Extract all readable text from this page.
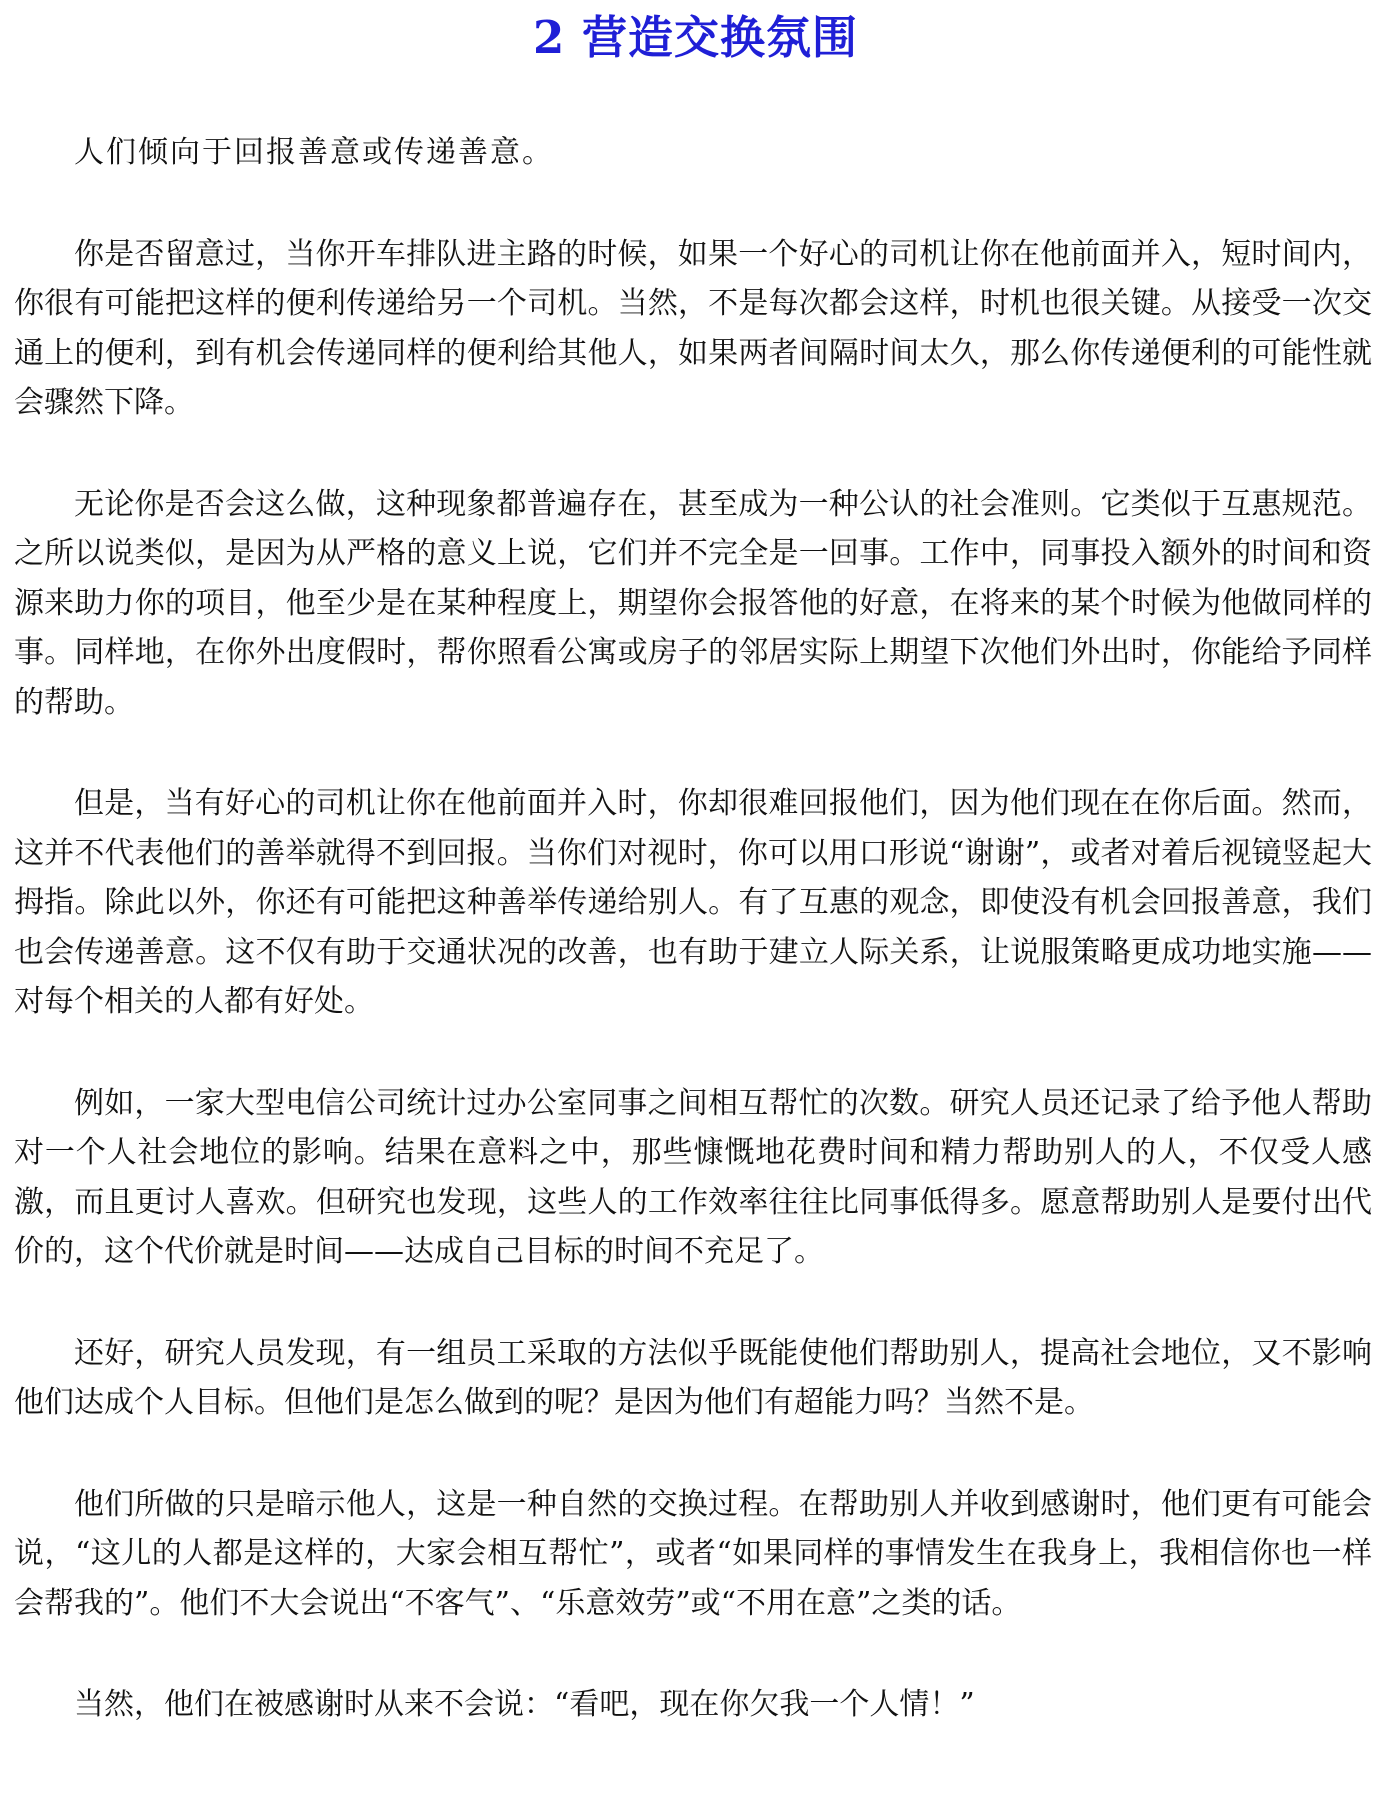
2 营造交换氛围

人们倾向于回报善意或传递善意。

你是否留意过，当你开车排队进主路的时候，如果一个好心的司机让你在他前面并入，短时间内，你很有可能把这样的便利传递给另一个司机。当然，不是每次都会这样，时机也很关键。从接受一次交通上的便利，到有机会传递同样的便利给其他人，如果两者间隔时间太久，那么你传递便利的可能性就会骤然下降。

无论你是否会这么做，这种现象都普遍存在，甚至成为一种公认的社会准则。它类似于互惠规范。之所以说类似，是因为从严格的意义上说，它们并不完全是一回事。工作中，同事投入额外的时间和资源来助力你的项目，他至少是在某种程度上，期望你会报答他的好意，在将来的某个时候为他做同样的事。同样地，在你外出度假时，帮你照看公寓或房子的邻居实际上期望下次他们外出时，你能给予同样的帮助。

但是，当有好心的司机让你在他前面并入时，你却很难回报他们，因为他们现在在你后面。然而，这并不代表他们的善举就得不到回报。当你们对视时，你可以用口形说“谢谢”，或者对着后视镜竖起大拇指。除此以外，你还有可能把这种善举传递给别人。有了互惠的观念，即使没有机会回报善意，我们也会传递善意。这不仅有助于交通状况的改善，也有助于建立人际关系，让说服策略更成功地实施——对每个相关的人都有好处。

例如，一家大型电信公司统计过办公室同事之间相互帮忙的次数。研究人员还记录了给予他人帮助对一个人社会地位的影响。结果在意料之中，那些慷慨地花费时间和精力帮助别人的人，不仅受人感激，而且更讨人喜欢。但研究也发现，这些人的工作效率往往比同事低得多。愿意帮助别人是要付出代价的，这个代价就是时间——达成自己目标的时间不充足了。

还好，研究人员发现，有一组员工采取的方法似乎既能使他们帮助别人，提高社会地位，又不影响他们达成个人目标。但他们是怎么做到的呢？是因为他们有超能力吗？当然不是。

他们所做的只是暗示他人，这是一种自然的交换过程。在帮助别人并收到感谢时，他们更有可能会说，“这儿的人都是这样的，大家会相互帮忙”，或者“如果同样的事情发生在我身上，我相信你也一样会帮我的”。他们不大会说出“不客气”、“乐意效劳”或“不用在意”之类的话。

当然，他们在被感谢时从来不会说：“看吧，现在你欠我一个人情！”
